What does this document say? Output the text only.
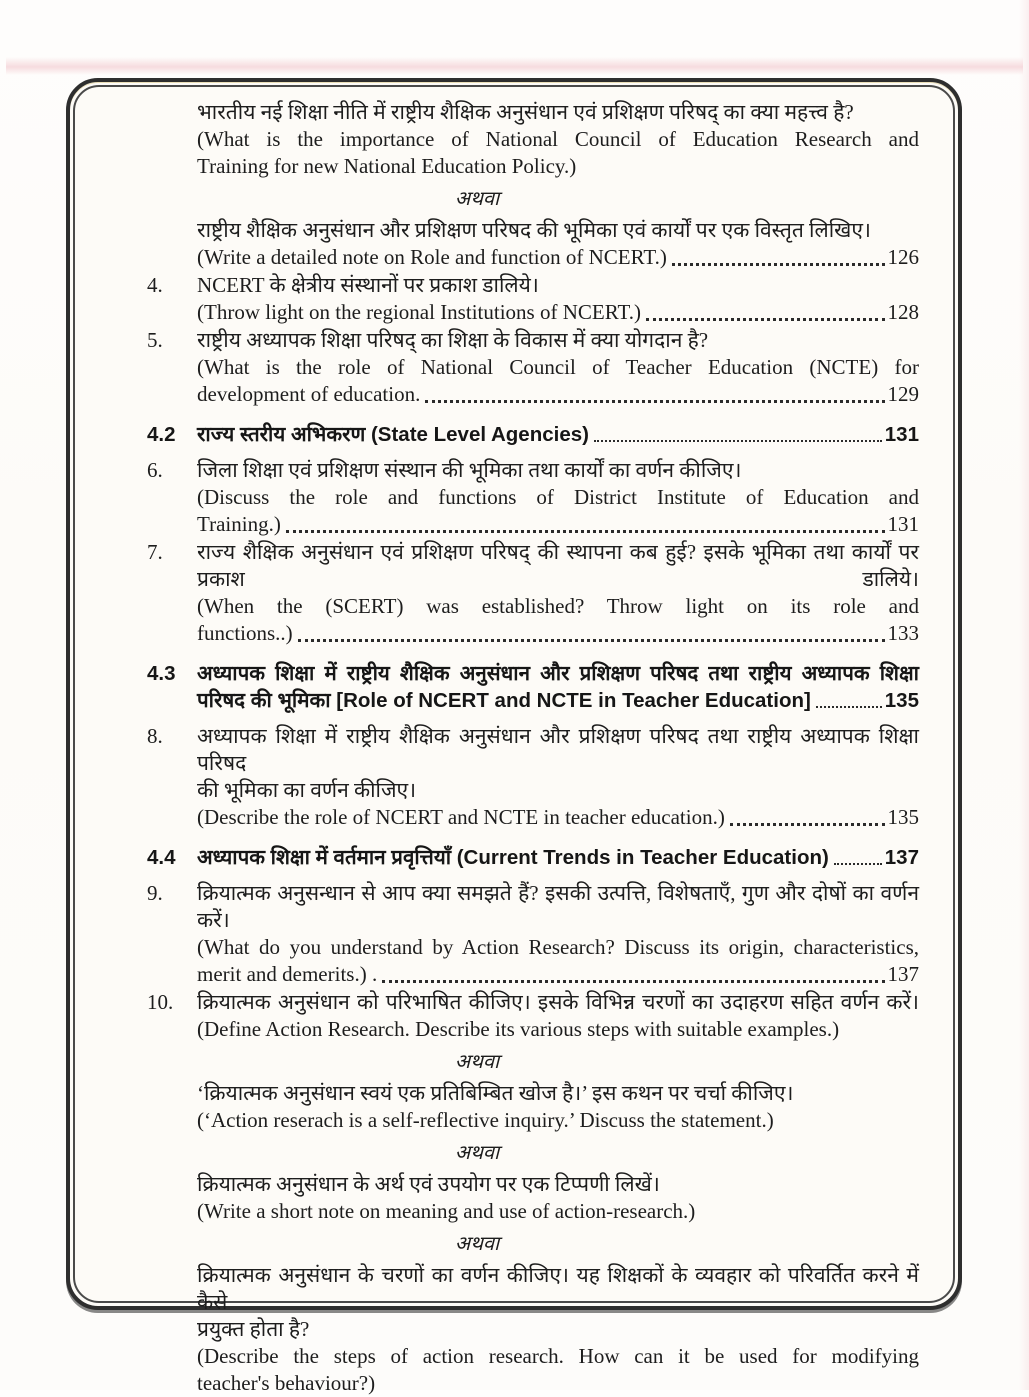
भारतीय नई शिक्षा नीति में राष्ट्रीय शैक्षिक अनुसंधान एवं प्रशिक्षण परिषद् का क्या महत्त्व है?
(What is the importance of National Council of Education Research and
Training for new National Education Policy.)
अथवा
राष्ट्रीय शैक्षिक अनुसंधान और प्रशिक्षण परिषद की भूमिका एवं कार्यों पर एक विस्तृत लिखिए।
(Write a detailed note on Role and function of NCERT.)	126
4.	NCERT के क्षेत्रीय संस्थानों पर प्रकाश डालिये।
(Throw light on the regional Institutions of NCERT.)	128
5.	राष्ट्रीय अध्यापक शिक्षा परिषद् का शिक्षा के विकास में क्या योगदान है?
(What is the role of National Council of Teacher Education (NCTE) for
development of education.	129
4.2	राज्य स्तरीय अभिकरण (State Level Agencies)	131
6.	जिला शिक्षा एवं प्रशिक्षण संस्थान की भूमिका तथा कार्यों का वर्णन कीजिए।
(Discuss the role and functions of District Institute of Education and
Training.)	131
7.	राज्य शैक्षिक अनुसंधान एवं प्रशिक्षण परिषद् की स्थापना कब हुई? इसके भूमिका तथा कार्यों पर प्रकाश डालिये।
(When the (SCERT) was established? Throw light on its role and
functions..)	133
4.3	अध्यापक शिक्षा में राष्ट्रीय शैक्षिक अनुसंधान और प्रशिक्षण परिषद तथा राष्ट्रीय अध्यापक शिक्षा
परिषद की भूमिका [Role of NCERT and NCTE in Teacher Education]	135
8.	अध्यापक शिक्षा में राष्ट्रीय शैक्षिक अनुसंधान और प्रशिक्षण परिषद तथा राष्ट्रीय अध्यापक शिक्षा परिषद
की भूमिका का वर्णन कीजिए।
(Describe the role of NCERT and NCTE in teacher education.)	135
4.4	अध्यापक शिक्षा में वर्तमान प्रवृत्तियाँ (Current Trends in Teacher Education)	137
9.	क्रियात्मक अनुसन्धान से आप क्या समझते हैं? इसकी उत्पत्ति, विशेषताएँ, गुण और दोषों का वर्णन
करें।
(What do you understand by Action Research? Discuss its origin, characteristics,
merit and demerits.) .	137
10.	क्रियात्मक अनुसंधान को परिभाषित कीजिए। इसके विभिन्न चरणों का उदाहरण सहित वर्णन करें।
(Define Action Research. Describe its various steps with suitable examples.)
अथवा
‘क्रियात्मक अनुसंधान स्वयं एक प्रतिबिम्बित खोज है।’ इस कथन पर चर्चा कीजिए।
(‘Action reserach is a self-reflective inquiry.’ Discuss the statement.)
अथवा
क्रियात्मक अनुसंधान के अर्थ एवं उपयोग पर एक टिप्पणी लिखें।
(Write a short note on meaning and use of action-research.)
अथवा
क्रियात्मक अनुसंधान के चरणों का वर्णन कीजिए। यह शिक्षकों के व्यवहार को परिवर्तित करने में कैसे
प्रयुक्त होता है?
(Describe the steps of action research. How can it be used for modifying
teacher's behaviour?)
